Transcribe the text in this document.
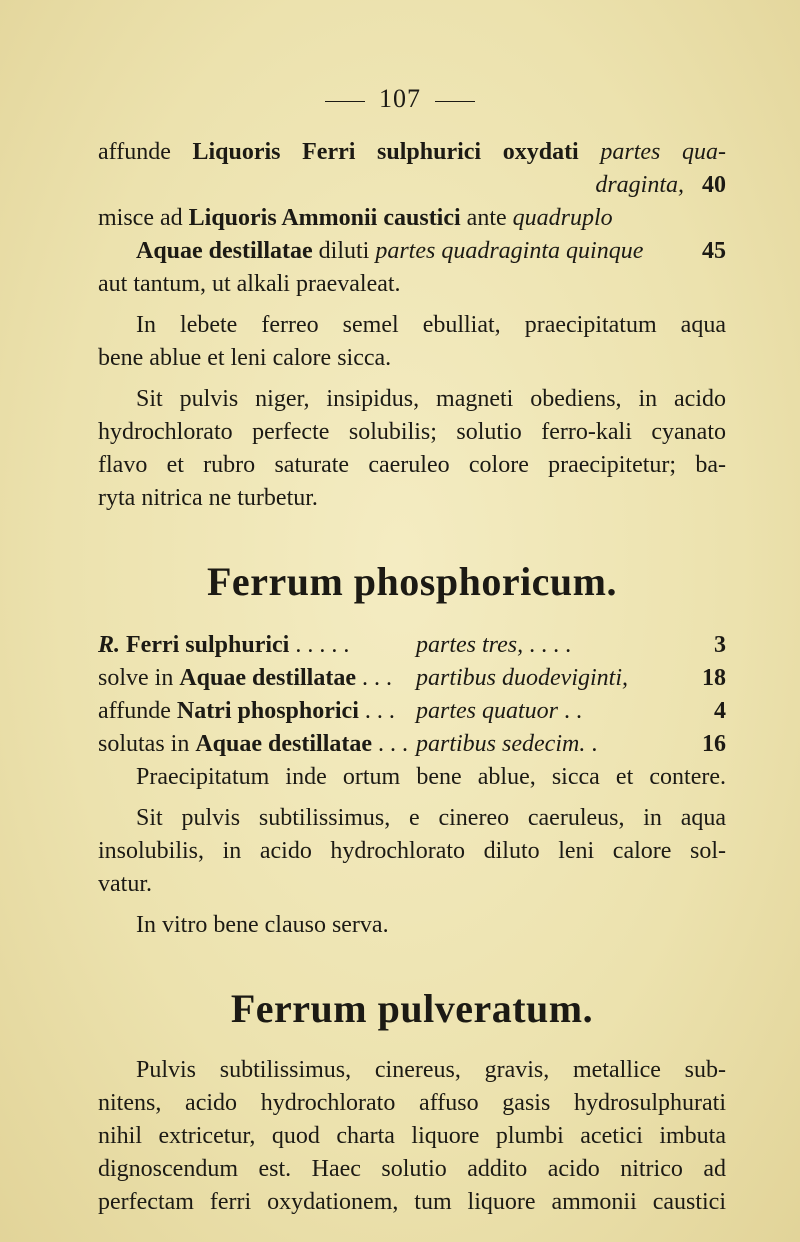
107
affunde Liquoris Ferri sulphurici oxydati partes qua-
draginta, 40
misce ad Liquoris Ammonii caustici ante quadruplo
Aquae destillatae diluti partes quadraginta quinque 45
aut tantum, ut alkali praevaleat.
In lebete ferreo semel ebulliat, praecipitatum aqua
bene ablue et leni calore sicca.
Sit pulvis niger, insipidus, magneti obediens, in acido
hydrochlorato perfecte solubilis; solutio ferro-kali cyanato
flavo et rubro saturate caeruleo colore praecipitetur; ba-
ryta nitrica ne turbetur.
Ferrum phosphoricum.
R. Ferri sulphurici . . . . .	partes tres, . . . .	3
solve in Aquae destillatae . . .	partibus duodeviginti,	18
affunde Natri phosphorici . . . partes quatuor . .	4
solutas in Aquae destillatae . . . partibus sedecim. .	16
Praecipitatum inde ortum bene ablue, sicca et contere.
Sit pulvis subtilissimus, e cinereo caeruleus, in aqua
insolubilis, in acido hydrochlorato diluto leni calore sol-
vatur.
In vitro bene clauso serva.
Ferrum pulveratum.
Pulvis subtilissimus, cinereus, gravis, metallice sub-
nitens, acido hydrochlorato affuso gasis hydrosulphurati
nihil extricetur, quod charta liquore plumbi acetici imbuta
dignoscendum est. Haec solutio addito acido nitrico ad
perfectam ferri oxydationem, tum liquore ammonii caustici
